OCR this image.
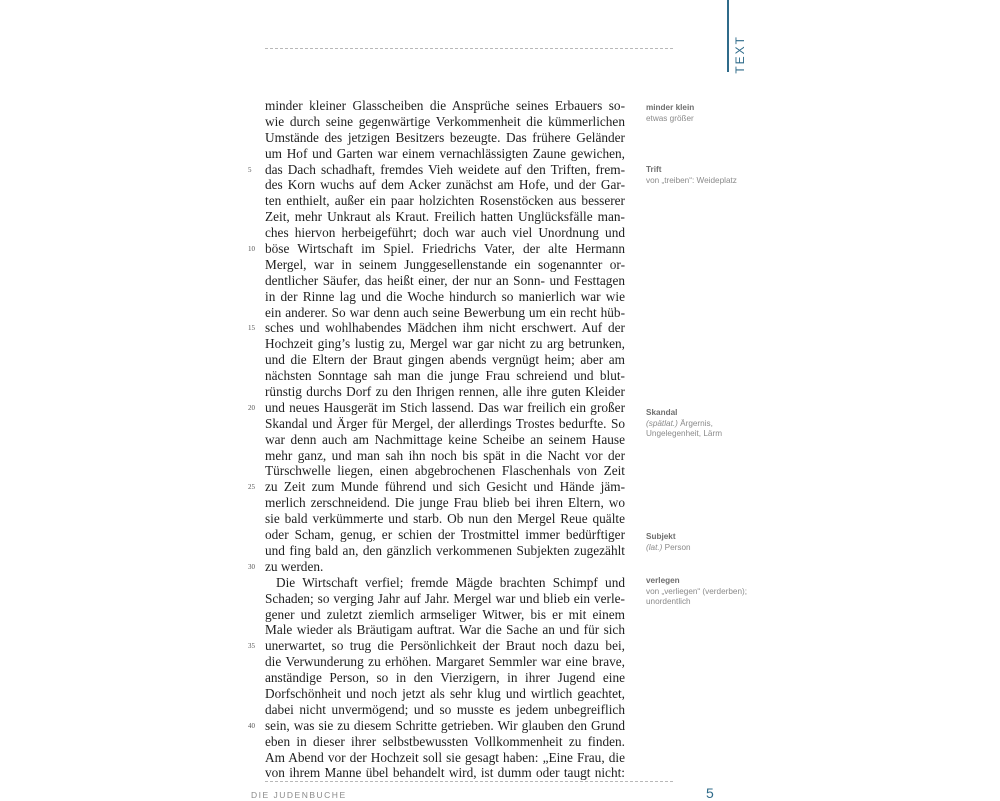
TEXT
minder kleiner Glasscheiben die Ansprüche seines Erbauers so-
wie durch seine gegenwärtige Verkommenheit die kümmerlichen
Umstände des jetzigen Besitzers bezeugte. Das frühere Geländer
um Hof und Garten war einem vernachlässigten Zaune gewichen,
5 das Dach schadhaft, fremdes Vieh weidete auf den Triften, frem-
des Korn wuchs auf dem Acker zunächst am Hofe, und der Gar-
ten enthielt, außer ein paar holzichten Rosenstöcken aus besserer
Zeit, mehr Unkraut als Kraut. Freilich hatten Unglücksfälle man-
ches hiervon herbeigeführt; doch war auch viel Unordnung und
10 böse Wirtschaft im Spiel. Friedrichs Vater, der alte Hermann
Mergel, war in seinem Junggesellenstande ein sogenannter or-
dentlicher Säufer, das heißt einer, der nur an Sonn- und Festtagen
in der Rinne lag und die Woche hindurch so manierlich war wie
ein anderer. So war denn auch seine Bewerbung um ein recht hüb-
15 sches und wohlhabendes Mädchen ihm nicht erschwert. Auf der
Hochzeit ging’s lustig zu, Mergel war gar nicht zu arg betrunken,
und die Eltern der Braut gingen abends vergnügt heim; aber am
nächsten Sonntage sah man die junge Frau schreiend und blut-
rünstig durchs Dorf zu den Ihrigen rennen, alle ihre guten Kleider
20 und neues Hausgerät im Stich lassend. Das war freilich ein großer
Skandal und Ärger für Mergel, der allerdings Trostes bedurfte. So
war denn auch am Nachmittage keine Scheibe an seinem Hause
mehr ganz, und man sah ihn noch bis spät in die Nacht vor der
Türschwelle liegen, einen abgebrochenen Flaschenhals von Zeit
25 zu Zeit zum Munde führend und sich Gesicht und Hände jäm-
merlich zerschneidend. Die junge Frau blieb bei ihren Eltern, wo
sie bald verkümmerte und starb. Ob nun den Mergel Reue quälte
oder Scham, genug, er schien der Trostmittel immer bedürftiger
und fing bald an, den gänzlich verkommenen Subjekten zugezählt
30 zu werden.
Die Wirtschaft verfiel; fremde Mägde brachten Schimpf und
Schaden; so verging Jahr auf Jahr. Mergel war und blieb ein verle-
gener und zuletzt ziemlich armseliger Witwer, bis er mit einem
Male wieder als Bräutigam auftrat. War die Sache an und für sich
35 unerwartet, so trug die Persönlichkeit der Braut noch dazu bei,
die Verwunderung zu erhöhen. Margaret Semmler war eine brave,
anständige Person, so in den Vierzigern, in ihrer Jugend eine
Dorfschönheit und noch jetzt als sehr klug und wirtlich geachtet,
dabei nicht unvermögend; und so musste es jedem unbegreiflich
40 sein, was sie zu diesem Schritte getrieben. Wir glauben den Grund
eben in dieser ihrer selbstbewussten Vollkommenheit zu finden.
Am Abend vor der Hochzeit soll sie gesagt haben: „Eine Frau, die
von ihrem Manne übel behandelt wird, ist dumm oder taugt nicht:
minder klein
etwas größer
Trift
von „treiben“: Weideplatz
Skandal
(spätlat.) Ärgernis, Ungelegenheit, Lärm
Subjekt
(lat.) Person
verlegen
von „verliegen“ (verderben); unordentlich
DIE JUDENBUCHE	5
